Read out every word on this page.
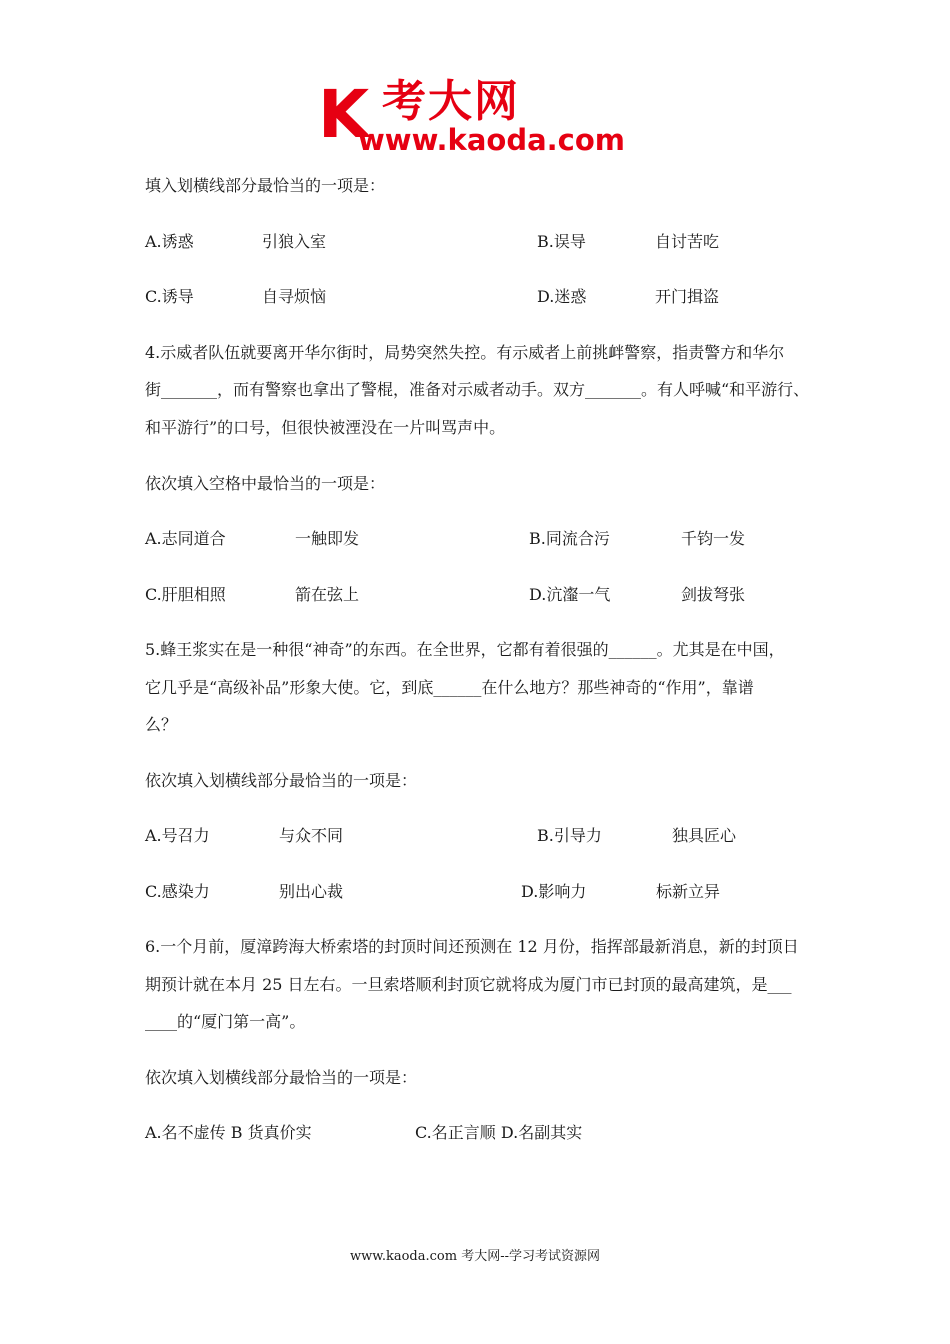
K 考大网
www.kaoda.com
填入划横线部分最恰当的一项是：
A.诱惑	引狼入室	B.误导	自讨苦吃
C.诱导	自寻烦恼	D.迷惑	开门揖盗
4.示威者队伍就要离开华尔街时，局势突然失控。有示威者上前挑衅警察，指责警方和华尔
街_______，而有警察也拿出了警棍，准备对示威者动手。双方_______。有人呼喊“和平游行、
和平游行”的口号，但很快被湮没在一片叫骂声中。
依次填入空格中最恰当的一项是：
A.志同道合	一触即发	B.同流合污	千钧一发
C.肝胆相照	箭在弦上	D.沆瀣一气	剑拔弩张
5.蜂王浆实在是一种很“神奇”的东西。在全世界，它都有着很强的______。尤其是在中国，
它几乎是“高级补品”形象大使。它，到底______在什么地方？那些神奇的“作用”，靠谱
么？
依次填入划横线部分最恰当的一项是：
A.号召力	与众不同	B.引导力	独具匠心
C.感染力	别出心裁	D.影响力	标新立异
6.一个月前，厦漳跨海大桥索塔的封顶时间还预测在 12 月份，指挥部最新消息，新的封顶日
期预计就在本月 25 日左右。一旦索塔顺利封顶它就将成为厦门市已封顶的最高建筑，是___
____的“厦门第一高”。
依次填入划横线部分最恰当的一项是：
A.名不虚传 B 货真价实	C.名正言顺 D.名副其实
www.kaoda.com 考大网--学习考试资源网
